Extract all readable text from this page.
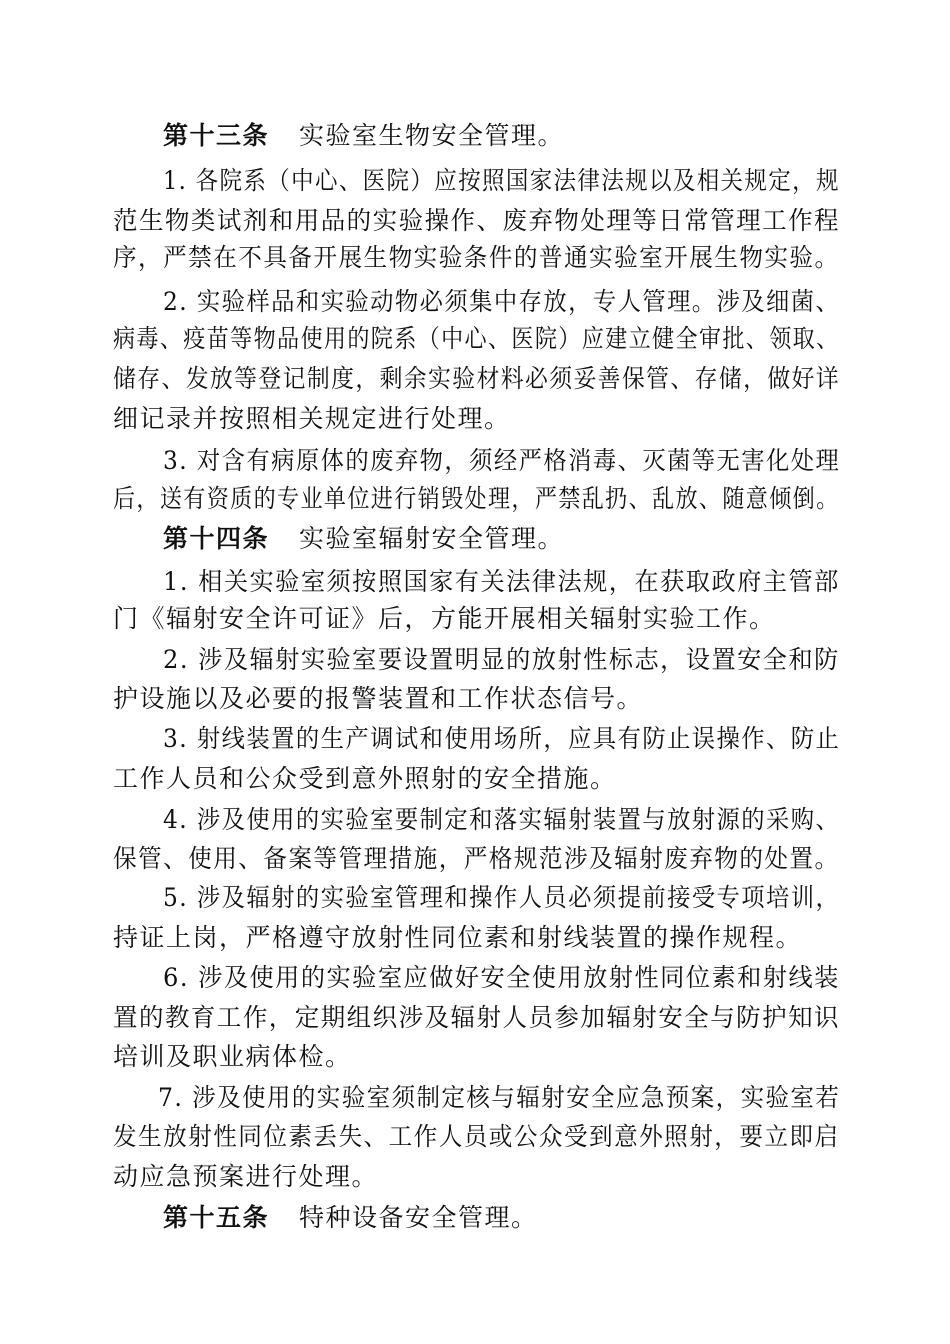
第十三条 实验室生物安全管理。
1. 各院系（中心、医院）应按照国家法律法规以及相关规定，规
范生物类试剂和用品的实验操作、废弃物处理等日常管理工作程
序，严禁在不具备开展生物实验条件的普通实验室开展生物实验。
2. 实验样品和实验动物必须集中存放，专人管理。涉及细菌、
病毒、疫苗等物品使用的院系（中心、医院）应建立健全审批、领取、
储存、发放等登记制度，剩余实验材料必须妥善保管、存储，做好详
细记录并按照相关规定进行处理。
3. 对含有病原体的废弃物，须经严格消毒、灭菌等无害化处理
后，送有资质的专业单位进行销毁处理，严禁乱扔、乱放、随意倾倒。
第十四条 实验室辐射安全管理。
1. 相关实验室须按照国家有关法律法规，在获取政府主管部
门《辐射安全许可证》后，方能开展相关辐射实验工作。
2. 涉及辐射实验室要设置明显的放射性标志，设置安全和防
护设施以及必要的报警装置和工作状态信号。
3. 射线装置的生产调试和使用场所，应具有防止误操作、防止
工作人员和公众受到意外照射的安全措施。
4. 涉及使用的实验室要制定和落实辐射装置与放射源的采购、
保管、使用、备案等管理措施，严格规范涉及辐射废弃物的处置。
5. 涉及辐射的实验室管理和操作人员必须提前接受专项培训，
持证上岗，严格遵守放射性同位素和射线装置的操作规程。
6. 涉及使用的实验室应做好安全使用放射性同位素和射线装
置的教育工作，定期组织涉及辐射人员参加辐射安全与防护知识
培训及职业病体检。
7. 涉及使用的实验室须制定核与辐射安全应急预案，实验室若
发生放射性同位素丢失、工作人员或公众受到意外照射，要立即启
动应急预案进行处理。
第十五条 特种设备安全管理。
